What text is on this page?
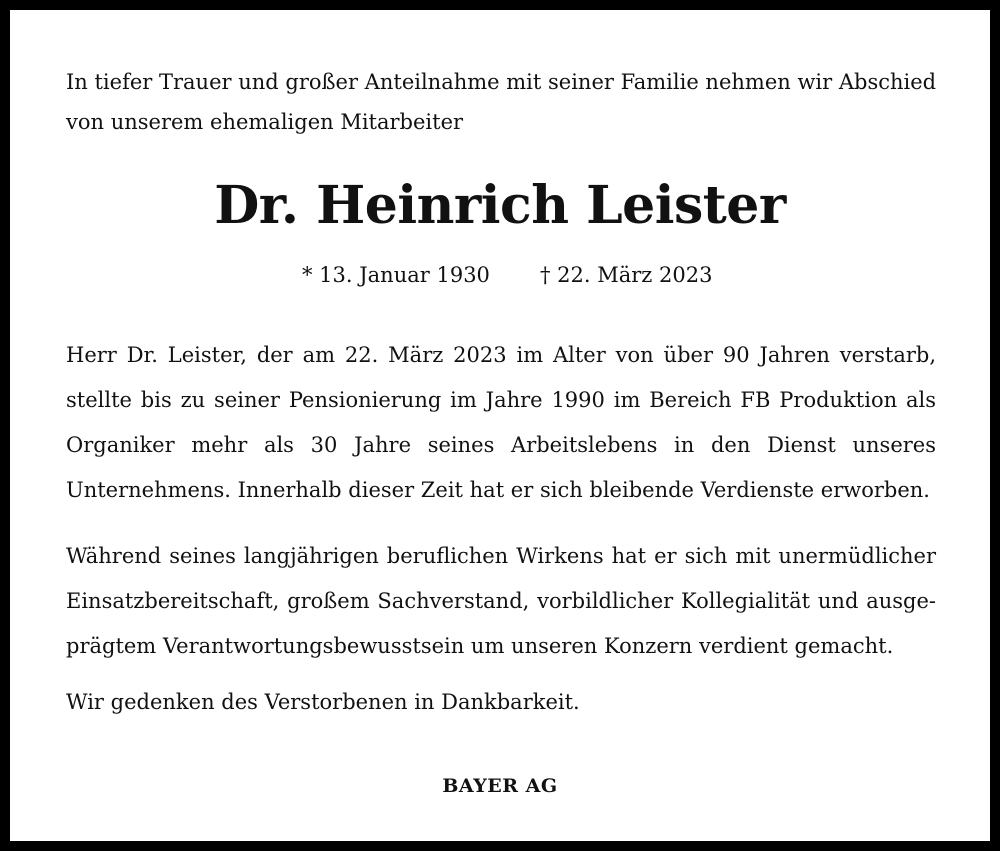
In tiefer Trauer und großer Anteilnahme mit seiner Familie nehmen wir Abschied
von unserem ehemaligen Mitarbeiter

Dr. Heinrich Leister
* 13. Januar 1930 † 22. März 2023

Herr Dr. Leister, der am 22. März 2023 im Alter von über 90 Jahren verstarb, stellte bis zu seiner Pensionierung im Jahre 1990 im Bereich FB Produktion als Organiker mehr als 30 Jahre seines Arbeitslebens in den Dienst unseres Unternehmens. Innerhalb dieser Zeit hat er sich bleibende Verdienste erworben.

Während seines langjährigen beruflichen Wirkens hat er sich mit unermüdlicher Einsatzbereitschaft, großem Sachverstand, vorbildlicher Kollegialität und ausgeprägtem Verantwortungsbewusstsein um unseren Konzern verdient gemacht.

Wir gedenken des Verstorbenen in Dankbarkeit.

BAYER AG
